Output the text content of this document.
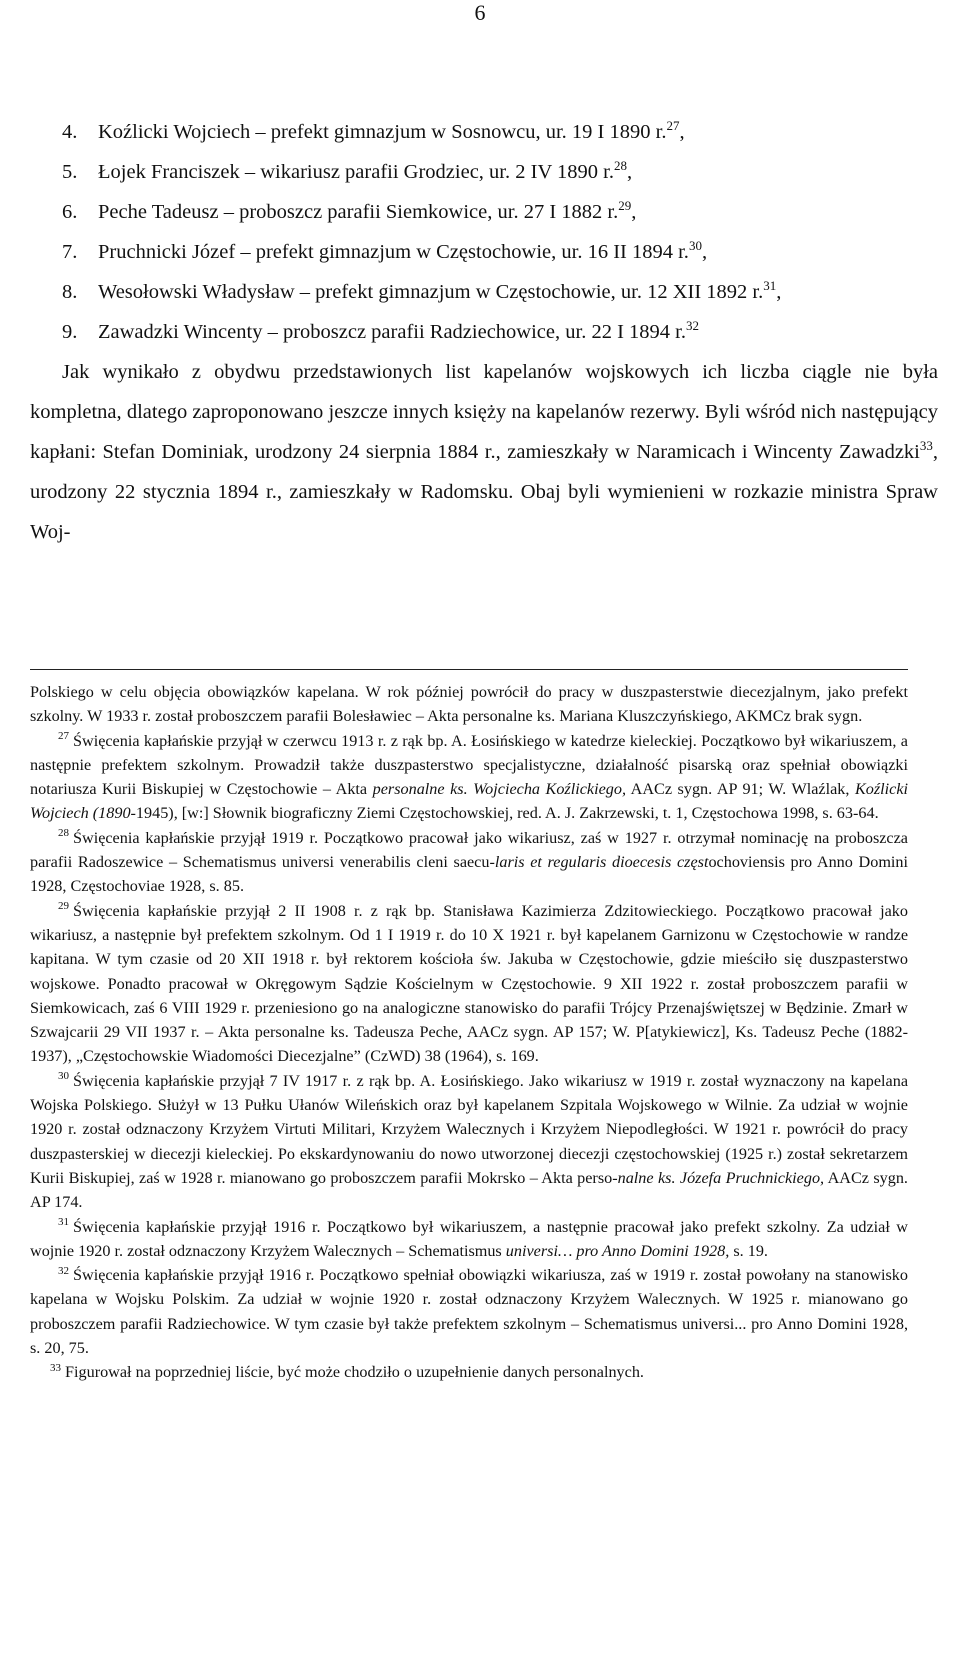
6
4. Koźlicki Wojciech – prefekt gimnazjum w Sosnowcu, ur. 19 I 1890 r.$^{27}$,
5. Łojek Franciszek – wikariusz parafii Grodziec, ur. 2 IV 1890 r.$^{28}$,
6. Peche Tadeusz – proboszcz parafii Siemkowice, ur. 27 I 1882 r.$^{29}$,
7. Pruchnicki Józef – prefekt gimnazjum w Częstochowie, ur. 16 II 1894 r.$^{30}$,
8. Wesołowski Władysław – prefekt gimnazjum w Częstochowie, ur. 12 XII 1892 r.$^{31}$,
9. Zawadzki Wincenty – proboszcz parafii Radziechowice, ur. 22 I 1894 r.$^{32}$

Jak wynikało z obydwu przedstawionych list kapelanów wojskowych ich liczba ciągle nie była kompletna, dlatego zaproponowano jeszcze innych księży na kapelanów rezerwy. Byli wśród nich następujący kapłani: Stefan Dominiak, urodzony 24 sierpnia 1884 r., zamieszkały w Naramicach i Wincenty Zawadzki$^{33}$, urodzony 22 stycznia 1894 r., zamieszkały w Radomsku. Obaj byli wymienieni w rozkazie ministra Spraw Woj-

Polskiego w celu objęcia obowiązków kapelana. W rok później powrócił do pracy w duszpasterstwie diecezjalnym, jako prefekt szkolny. W 1933 r. został proboszczem parafii Bolesławiec – Akta personalne ks. Mariana Kluszczyńskiego, AKMCz brak sygn.

$^{27}$ Święcenia kapłańskie przyjął w czerwcu 1913 r. z rąk bp. A. Łosińskiego w katedrze kieleckiej. Początkowo był wikariuszem, a następnie prefektem szkolnym. Prowadził także duszpasterstwo specjalistyczne, działalność pisarską oraz spełniał obowiązki notariusza Kurii Biskupiej w Częstochowie – Akta personalne ks. Wojciecha Koźlickiego, AACz sygn. AP 91; W. Wlaźlak, Koźlicki Wojciech (1890-1945), [w:] Słownik biograficzny Ziemi Częstochowskiej, red. A. J. Zakrzewski, t. 1, Częstochowa 1998, s. 63-64.

$^{28}$ Święcenia kapłańskie przyjął 1919 r. Początkowo pracował jako wikariusz, zaś w 1927 r. otrzymał nominację na proboszcza parafii Radoszewice – Schematismus universi venerabilis cleni saecu-laris et regularis dioecesis częstochoviensis pro Anno Domini 1928, Częstochoviae 1928, s. 85.

$^{29}$ Święcenia kapłańskie przyjął 2 II 1908 r. z rąk bp. Stanisława Kazimierza Zdzitowieckiego. Początkowo pracował jako wikariusz, a następnie był prefektem szkolnym. Od 1 I 1919 r. do 10 X 1921 r. był kapelanem Garnizonu w Częstochowie w randze kapitana. W tym czasie od 20 XII 1918 r. był rektorem kościoła św. Jakuba w Częstochowie, gdzie mieściło się duszpasterstwo wojskowe. Ponadto pracował w Okręgowym Sądzie Kościelnym w Częstochowie. 9 XII 1922 r. został proboszczem parafii w Siemkowicach, zaś 6 VIII 1929 r. przeniesiono go na analogiczne stanowisko do parafii Trójcy Przenajświętszej w Będzinie. Zmarł w Szwajcarii 29 VII 1937 r. – Akta personalne ks. Tadeusza Peche, AACz sygn. AP 157; W. P[atykiewicz], Ks. Tadeusz Peche (1882-1937), „Częstochowskie Wiadomości Diecezjalne” (CzWD) 38 (1964), s. 169.

$^{30}$ Święcenia kapłańskie przyjął 7 IV 1917 r. z rąk bp. A. Łosińskiego. Jako wikariusz w 1919 r. został wyznaczony na kapelana Wojska Polskiego. Służył w 13 Pułku Ułanów Wileńskich oraz był kapelanem Szpitala Wojskowego w Wilnie. Za udział w wojnie 1920 r. został odznaczony Krzyżem Virtuti Militari, Krzyżem Walecznych i Krzyżem Niepodległości. W 1921 r. powrócił do pracy duszpasterskiej w diecezji kieleckiej. Po ekskardynowaniu do nowo utworzonej diecezji częstochowskiej (1925 r.) został sekretarzem Kurii Biskupiej, zaś w 1928 r. mianowano go proboszczem parafii Mokrsko – Akta perso-nalne ks. Józefa Pruchnickiego, AACz sygn. AP 174.

$^{31}$ Święcenia kapłańskie przyjął 1916 r. Początkowo był wikariuszem, a następnie pracował jako prefekt szkolny. Za udział w wojnie 1920 r. został odznaczony Krzyżem Walecznych – Schematismus universi… pro Anno Domini 1928, s. 19.

$^{32}$ Święcenia kapłańskie przyjął 1916 r. Początkowo spełniał obowiązki wikariusza, zaś w 1919 r. został powołany na stanowisko kapelana w Wojsku Polskim. Za udział w wojnie 1920 r. został odznaczony Krzyżem Walecznych. W 1925 r. mianowano go proboszczem parafii Radziechowice. W tym czasie był także prefektem szkolnym – Schematismus universi... pro Anno Domini 1928, s. 20, 75.

$^{33}$ Figurował na poprzedniej liście, być może chodziło o uzupełnienie danych personalnych.
